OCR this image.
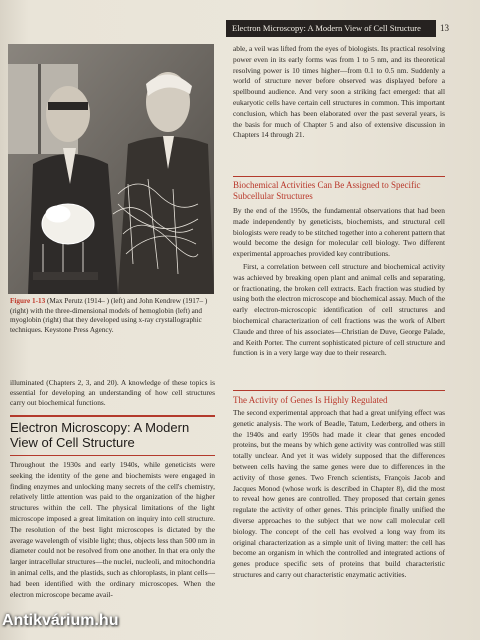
Electron Microscopy: A Modern View of Cell Structure	13
Figure 1-13 (Max Perutz (1914– ) (left) and John Kendrew (1917– ) (right) with the three-dimensional models of hemoglobin (left) and myoglobin (right) that they developed using x-ray crystallographic techniques. Keystone Press Agency.
illuminated (Chapters 2, 3, and 20). A knowledge of these topics is essential for developing an understanding of how cell structures carry out biochemical functions.
Electron Microscopy: A Modern View of Cell Structure
Throughout the 1930s and early 1940s, while geneticists were seeking the identity of the gene and biochemists were engaged in finding enzymes and unlocking many secrets of the cell's chemistry, relatively little attention was paid to the organization of the higher structures within the cell. The physical limitations of the light microscope imposed a great limitation on inquiry into cell structure. The resolution of the best light microscopes is dictated by the average wavelength of visible light; thus, objects less than 500 nm in diameter could not be resolved from one another. In that era only the larger intracellular structures—the nuclei, nucleoli, and mitochondria in animal cells, and the plastids, such as chloroplasts, in plant cells—had been identified with the ordinary microscopes. When the electron microscope became avail-
able, a veil was lifted from the eyes of biologists. Its practical resolving power even in its early forms was from 1 to 5 nm, and its theoretical resolving power is 10 times higher—from 0.1 to 0.5 nm. Suddenly a world of structure never before observed was displayed before a spellbound audience. And very soon a striking fact emerged: that all eukaryotic cells have certain cell structures in common. This important conclusion, which has been elaborated over the past several years, is the basis for much of Chapter 5 and also of extensive discussion in Chapters 14 through 21.
Biochemical Activities Can Be Assigned to Specific Subcellular Structures
By the end of the 1950s, the fundamental observations that had been made independently by geneticists, biochemists, and structural cell biologists were ready to be stitched together into a coherent pattern that would become the design for molecular cell biology. Two different experimental approaches provided key contributions.
First, a correlation between cell structure and biochemical activity was achieved by breaking open plant and animal cells and separating, or fractionating, the broken cell extracts. Each fraction was studied by using both the electron microscope and biochemical assay. Much of the early electron-microscopic identification of cell structures and biochemical characterization of cell fractions was the work of Albert Claude and three of his associates—Christian de Duve, George Palade, and Keith Porter. The current sophisticated picture of cell structure and function is in a very large way due to their research.
The Activity of Genes Is Highly Regulated
The second experimental approach that had a great unifying effect was genetic analysis. The work of Beadle, Tatum, Lederberg, and others in the 1940s and early 1950s had made it clear that genes encoded proteins, but the means by which gene activity was controlled was still totally unclear. And yet it was widely supposed that the differences between cells having the same genes were due to differences in the activity of those genes. Two French scientists, François Jacob and Jacques Monod (whose work is described in Chapter 8), did the most to reveal how genes are controlled. They proposed that certain genes regulate the activity of other genes. This principle finally unified the diverse approaches to the subject that we now call molecular cell biology. The concept of the cell has evolved a long way from its original characterization as a simple unit of living matter: the cell has become an organism in which the controlled and integrated actions of genes produce specific sets of proteins that build characteristic structures and carry out characteristic enzymatic activities.
Antikvárium.hu
